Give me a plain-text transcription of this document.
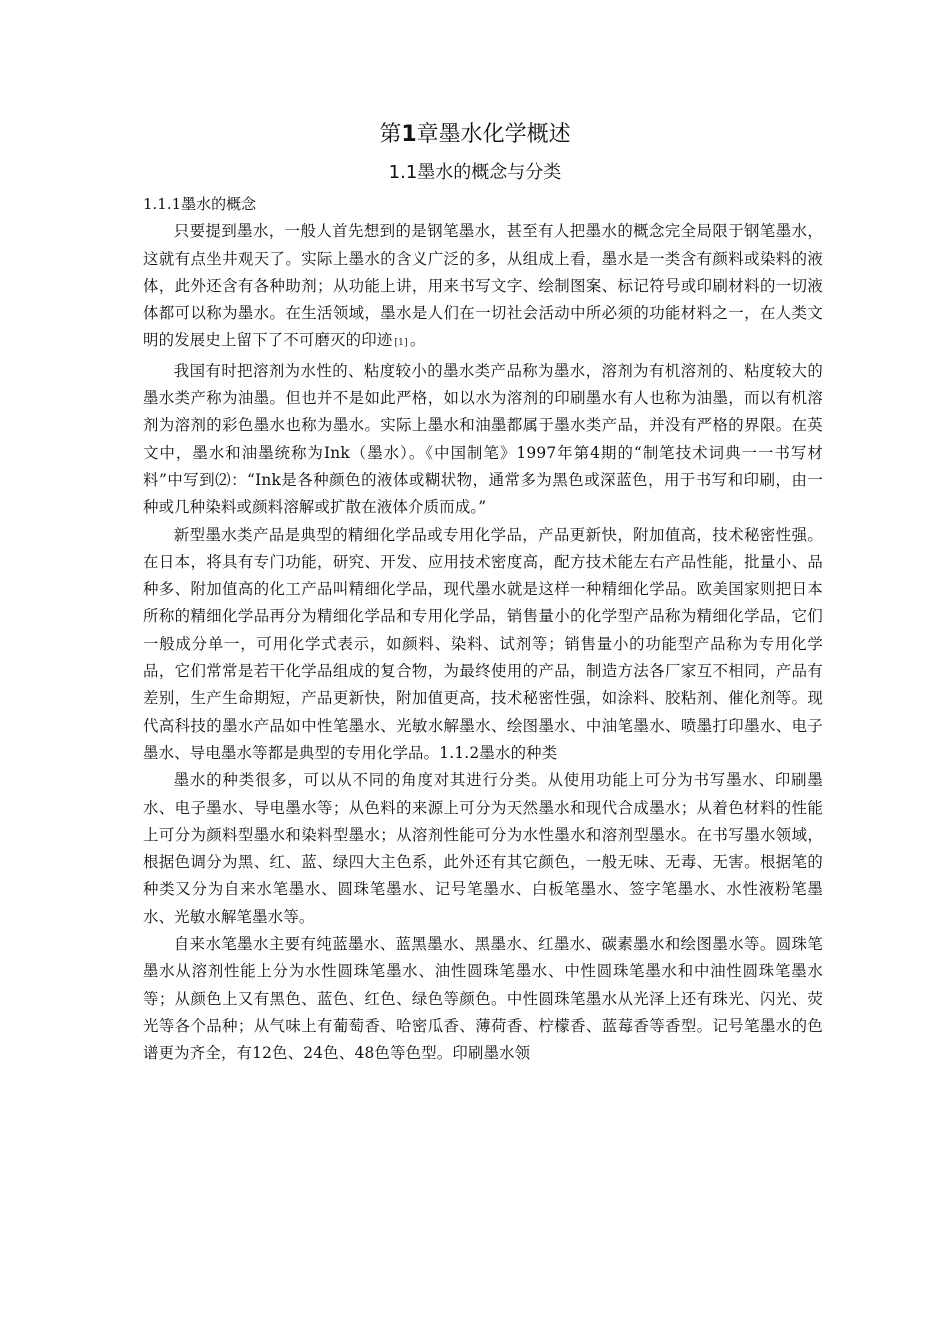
第1章墨水化学概述
1.1墨水的概念与分类
1.1.1墨水的概念

只要提到墨水，一般人首先想到的是钢笔墨水，甚至有人把墨水的概念完全局限于钢笔墨水，这就有点坐井观天了。实际上墨水的含义广泛的多，从组成上看，墨水是一类含有颜料或染料的液体，此外还含有各种助剂；从功能上讲，用来书写文字、绘制图案、标记符号或印刷材料的一切液体都可以称为墨水。在生活领域，墨水是人们在一切社会活动中所必须的功能材料之一，在人类文明的发展史上留下了不可磨灭的印迹 [1] 。

我国有时把溶剂为水性的、粘度较小的墨水类产品称为墨水，溶剂为有机溶剂的、粘度较大的墨水类产称为油墨。但也并不是如此严格，如以水为溶剂的印刷墨水有人也称为油墨，而以有机溶剂为溶剂的彩色墨水也称为墨水。实际上墨水和油墨都属于墨水类产品，并没有严格的界限。在英文中，墨水和油墨统称为Ink（墨水）。《中国制笔》1997年第4期的“制笔技术词典一一书写材料”中写到⑵：“Ink是各种颜色的液体或糊状物，通常多为黑色或深蓝色，用于书写和印刷，由一种或几种染料或颜料溶解或扩散在液体介质而成。”

新型墨水类产品是典型的精细化学品或专用化学品，产品更新快，附加值高，技术秘密性强。在日本，将具有专门功能，研究、开发、应用技术密度高，配方技术能左右产品性能，批量小、品种多、附加值高的化工产品叫精细化学品，现代墨水就是这样一种精细化学品。欧美国家则把日本所称的精细化学品再分为精细化学品和专用化学品，销售量小的化学型产品称为精细化学品，它们一般成分单一，可用化学式表示，如颜料、染料、试剂等；销售量小的功能型产品称为专用化学品，它们常常是若干化学品组成的复合物，为最终使用的产品，制造方法各厂家互不相同，产品有差别，生产生命期短，产品更新快，附加值更高，技术秘密性强，如涂料、胶粘剂、催化剂等。现代高科技的墨水产品如中性笔墨水、光敏水解墨水、绘图墨水、中油笔墨水、喷墨打印墨水、电子墨水、导电墨水等都是典型的专用化学品。1.1.2墨水的种类

墨水的种类很多，可以从不同的角度对其进行分类。从使用功能上可分为书写墨水、印刷墨水、电子墨水、导电墨水等；从色料的来源上可分为天然墨水和现代合成墨水；从着色材料的性能上可分为颜料型墨水和染料型墨水；从溶剂性能可分为水性墨水和溶剂型墨水。在书写墨水领域，根据色调分为黑、红、蓝、绿四大主色系，此外还有其它颜色，一般无味、无毒、无害。根据笔的种类又分为自来水笔墨水、圆珠笔墨水、记号笔墨水、白板笔墨水、签字笔墨水、水性液粉笔墨水、光敏水解笔墨水等。

自来水笔墨水主要有纯蓝墨水、蓝黑墨水、黑墨水、红墨水、碳素墨水和绘图墨水等。圆珠笔墨水从溶剂性能上分为水性圆珠笔墨水、油性圆珠笔墨水、中性圆珠笔墨水和中油性圆珠笔墨水等；从颜色上又有黑色、蓝色、红色、绿色等颜色。中性圆珠笔墨水从光泽上还有珠光、闪光、荧光等各个品种；从气味上有葡萄香、哈密瓜香、薄荷香、柠檬香、蓝莓香等香型。记号笔墨水的色谱更为齐全，有12色、24色、48色等色型。印刷墨水领
